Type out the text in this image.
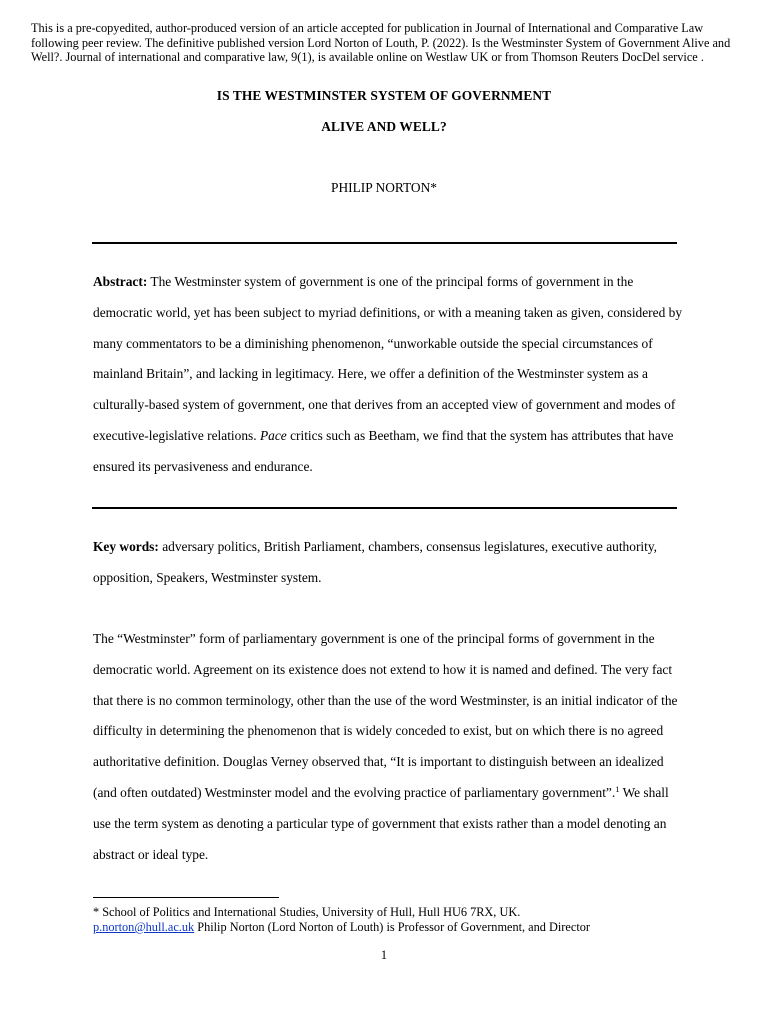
This is a pre-copyedited, author-produced version of an article accepted for publication in Journal of International and Comparative Law following peer review. The definitive published version Lord Norton of Louth, P. (2022). Is the Westminster System of Government Alive and Well?. Journal of international and comparative law, 9(1), is available online on Westlaw UK or from Thomson Reuters DocDel service .
IS THE WESTMINSTER SYSTEM OF GOVERNMENT
ALIVE AND WELL?
PHILIP NORTON*
Abstract: The Westminster system of government is one of the principal forms of government in the democratic world, yet has been subject to myriad definitions, or with a meaning taken as given, considered by many commentators to be a diminishing phenomenon, “unworkable outside the special circumstances of mainland Britain”, and lacking in legitimacy. Here, we offer a definition of the Westminster system as a culturally-based system of government, one that derives from an accepted view of government and modes of executive-legislative relations. Pace critics such as Beetham, we find that the system has attributes that have ensured its pervasiveness and endurance.
Key words: adversary politics, British Parliament, chambers, consensus legislatures, executive authority, opposition, Speakers, Westminster system.
The “Westminster” form of parliamentary government is one of the principal forms of government in the democratic world. Agreement on its existence does not extend to how it is named and defined. The very fact that there is no common terminology, other than the use of the word Westminster, is an initial indicator of the difficulty in determining the phenomenon that is widely conceded to exist, but on which there is no agreed authoritative definition. Douglas Verney observed that, “It is important to distinguish between an idealized (and often outdated) Westminster model and the evolving practice of parliamentary government”.$^1$ We shall use the term system as denoting a particular type of government that exists rather than a model denoting an abstract or ideal type.
* School of Politics and International Studies, University of Hull, Hull HU6 7RX, UK.
p.norton@hull.ac.uk Philip Norton (Lord Norton of Louth) is Professor of Government, and Director
1
